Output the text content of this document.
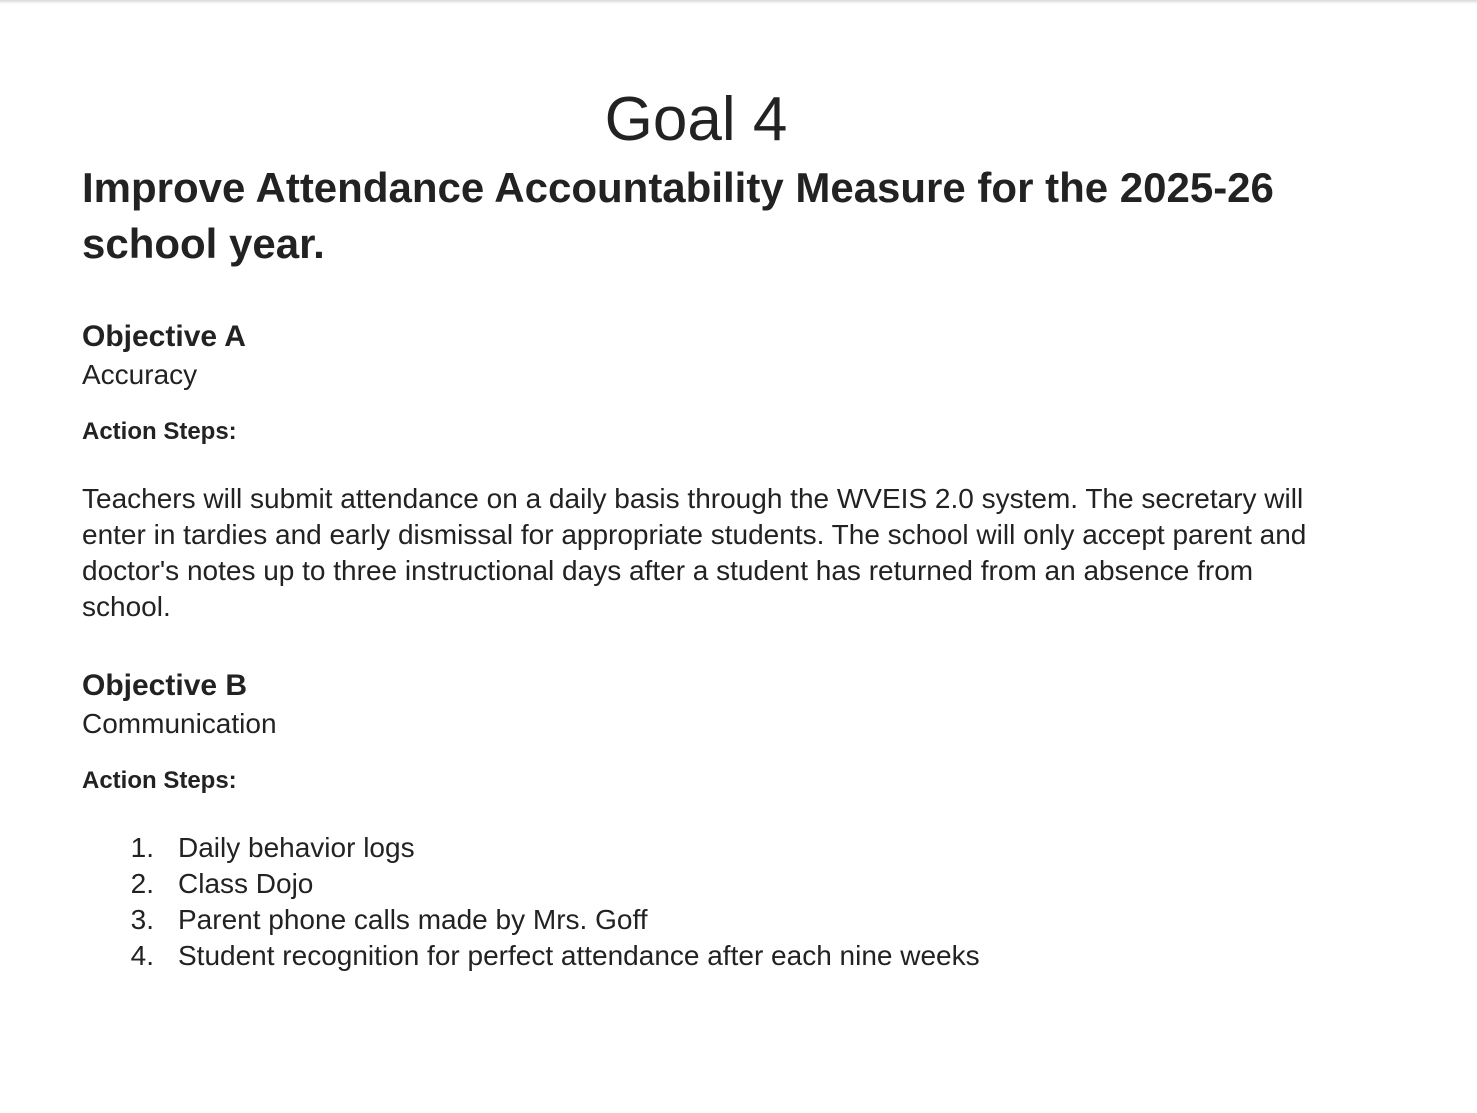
Goal 4
Improve Attendance Accountability Measure for the 2025-26 school year.

Objective A

Accuracy

Action Steps:

Teachers will submit attendance on a daily basis through the WVEIS 2.0 system. The secretary will enter in tardies and early dismissal for appropriate students. The school will only accept parent and doctor's notes up to three instructional days after a student has returned from an absence from school.

Objective B

Communication

Action Steps:

1. Daily behavior logs
2. Class Dojo
3. Parent phone calls made by Mrs. Goff
4. Student recognition for perfect attendance after each nine weeks
